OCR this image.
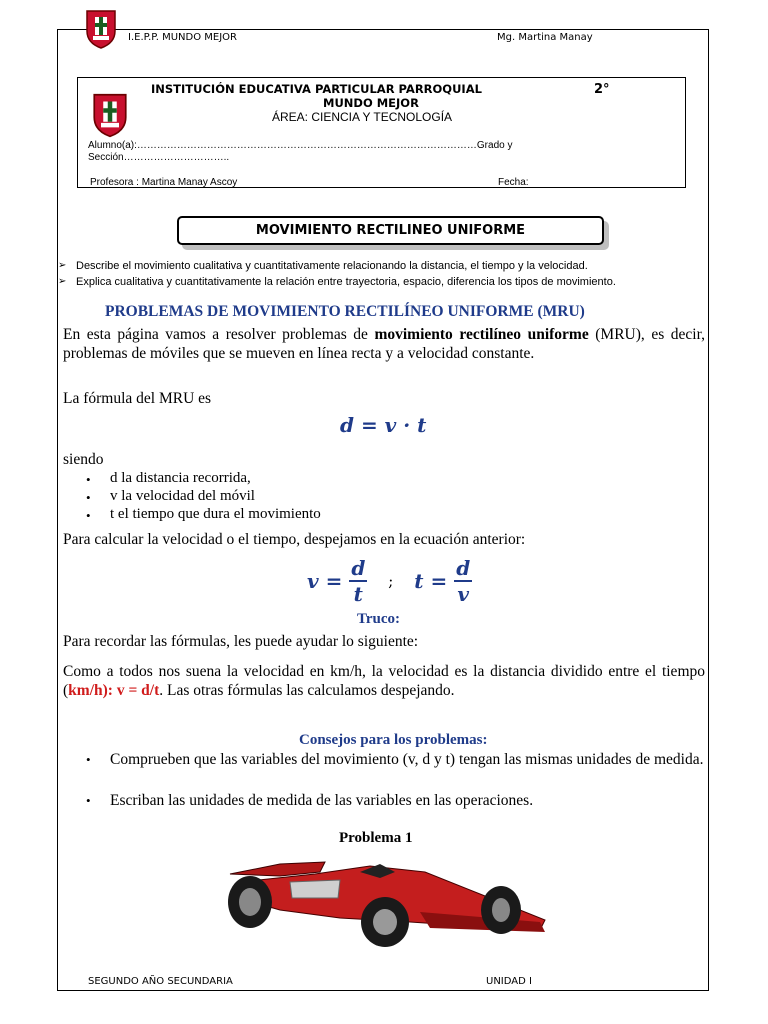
I.E.P.P. MUNDO MEJOR	Mg. Martina Manay
INSTITUCIÓN EDUCATIVA PARTICULAR PARROQUIAL	2°
MUNDO MEJOR
ÁREA: CIENCIA Y TECNOLOGÍA
Alumno(a):…………………………………………………………………………………………Grado y
Sección…………………………..
Profesora : Martina Manay Ascoy	Fecha:
MOVIMIENTO RECTILINEO UNIFORME
➢ Describe el movimiento cualitativa y cuantitativamente relacionando la distancia, el tiempo y la velocidad.
➢ Explica cualitativa y cuantitativamente la relación entre trayectoria, espacio, diferencia los tipos de movimiento.
PROBLEMAS DE MOVIMIENTO RECTILÍNEO UNIFORME (MRU)
En esta página vamos a resolver problemas de movimiento rectilíneo uniforme (MRU), es decir, problemas de móviles que se mueven en línea recta y a velocidad constante.
La fórmula del MRU es
d = v · t
siendo
• d la distancia recorrida,
• v la velocidad del móvil
• t el tiempo que dura el movimiento
Para calcular la velocidad o el tiempo, despejamos en la ecuación anterior:
$v = \frac{d}{t}$ ; $t = \frac{d}{v}$
Truco:
Para recordar las fórmulas, les puede ayudar lo siguiente:
Como a todos nos suena la velocidad en km/h, la velocidad es la distancia dividido entre el tiempo (km/h): v = d/t. Las otras fórmulas las calculamos despejando.
Consejos para los problemas:
• Comprueben que las variables del movimiento (v, d y t) tengan las mismas unidades de medida.
• Escriban las unidades de medida de las variables en las operaciones.
Problema 1
SEGUNDO AÑO SECUNDARIA	UNIDAD I
